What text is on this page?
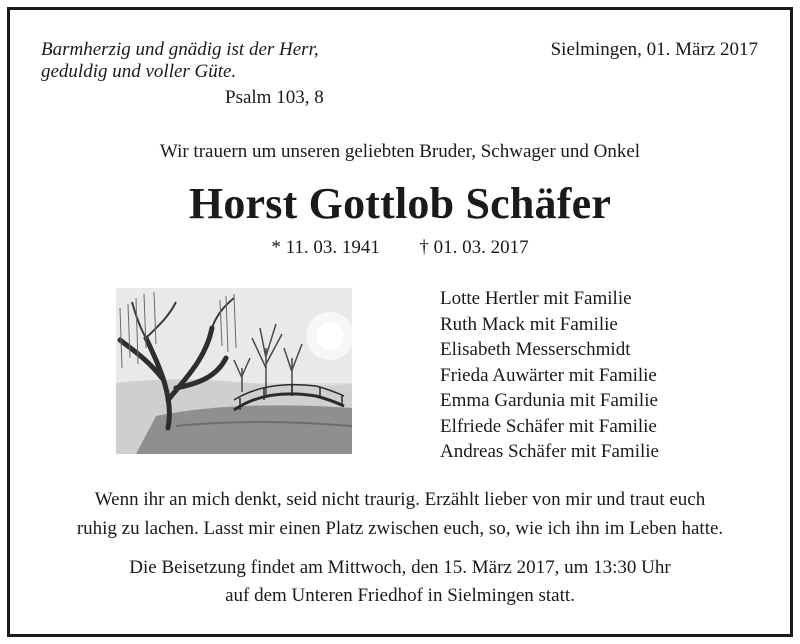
Barmherzig und gnädig ist der Herr,
geduldig und voller Güte.
Psalm 103, 8
Sielmingen, 01. März 2017
Wir trauern um unseren geliebten Bruder, Schwager und Onkel
Horst Gottlob Schäfer
* 11. 03. 1941 † 01. 03. 2017
Lotte Hertler mit Familie
Ruth Mack mit Familie
Elisabeth Messerschmidt
Frieda Auwärter mit Familie
Emma Gardunia mit Familie
Elfriede Schäfer mit Familie
Andreas Schäfer mit Familie
Wenn ihr an mich denkt, seid nicht traurig. Erzählt lieber von mir und traut euch
ruhig zu lachen. Lasst mir einen Platz zwischen euch, so, wie ich ihn im Leben hatte.
Die Beisetzung findet am Mittwoch, den 15. März 2017, um 13:30 Uhr
auf dem Unteren Friedhof in Sielmingen statt.
